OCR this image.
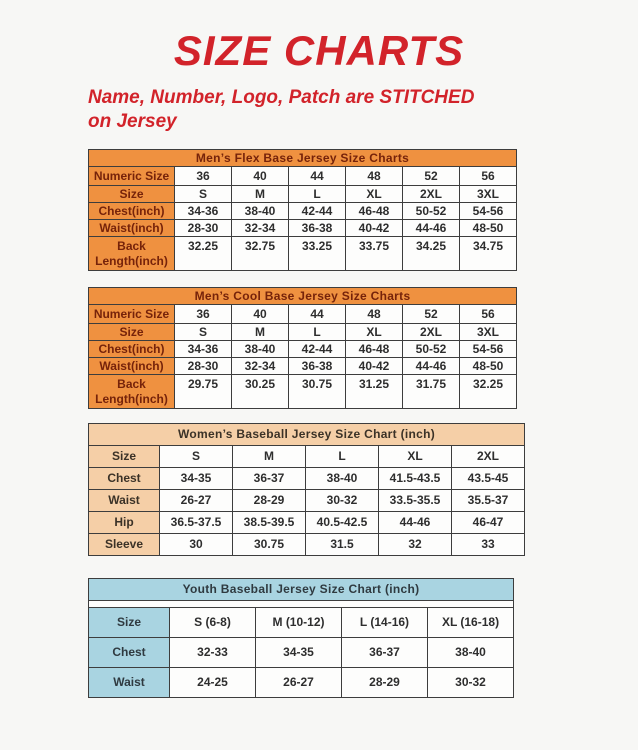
SIZE CHARTS

Name, Number, Logo, Patch are STITCHED
on Jersey

Men’s Flex Base Jersey Size Charts						
Numeric Size	36	40	44	48	52	56
Size	S	M	L	XL	2XL	3XL
Chest(inch)	34-36	38-40	42-44	46-48	50-52	54-56
Waist(inch)	28-30	32-34	36-38	40-42	44-46	48-50
Back Length(inch)	32.25	32.75	33.25	33.75	34.25	34.75
Men’s Cool Base Jersey Size Charts						
Numeric Size	36	40	44	48	52	56
Size	S	M	L	XL	2XL	3XL
Chest(inch)	34-36	38-40	42-44	46-48	50-52	54-56
Waist(inch)	28-30	32-34	36-38	40-42	44-46	48-50
Back Length(inch)	29.75	30.25	30.75	31.25	31.75	32.25
Women’s Baseball Jersey Size Chart (inch)					
Size	S	M	L	XL	2XL
Chest	34-35	36-37	38-40	41.5-43.5	43.5-45
Waist	26-27	28-29	30-32	33.5-35.5	35.5-37
Hip	36.5-37.5	38.5-39.5	40.5-42.5	44-46	46-47
Sleeve	30	30.75	31.5	32	33
Youth Baseball Jersey Size Chart (inch)				

Size	S (6-8)	M (10-12)	L (14-16)	XL (16-18)
Chest	32-33	34-35	36-37	38-40
Waist	24-25	26-27	28-29	30-32
